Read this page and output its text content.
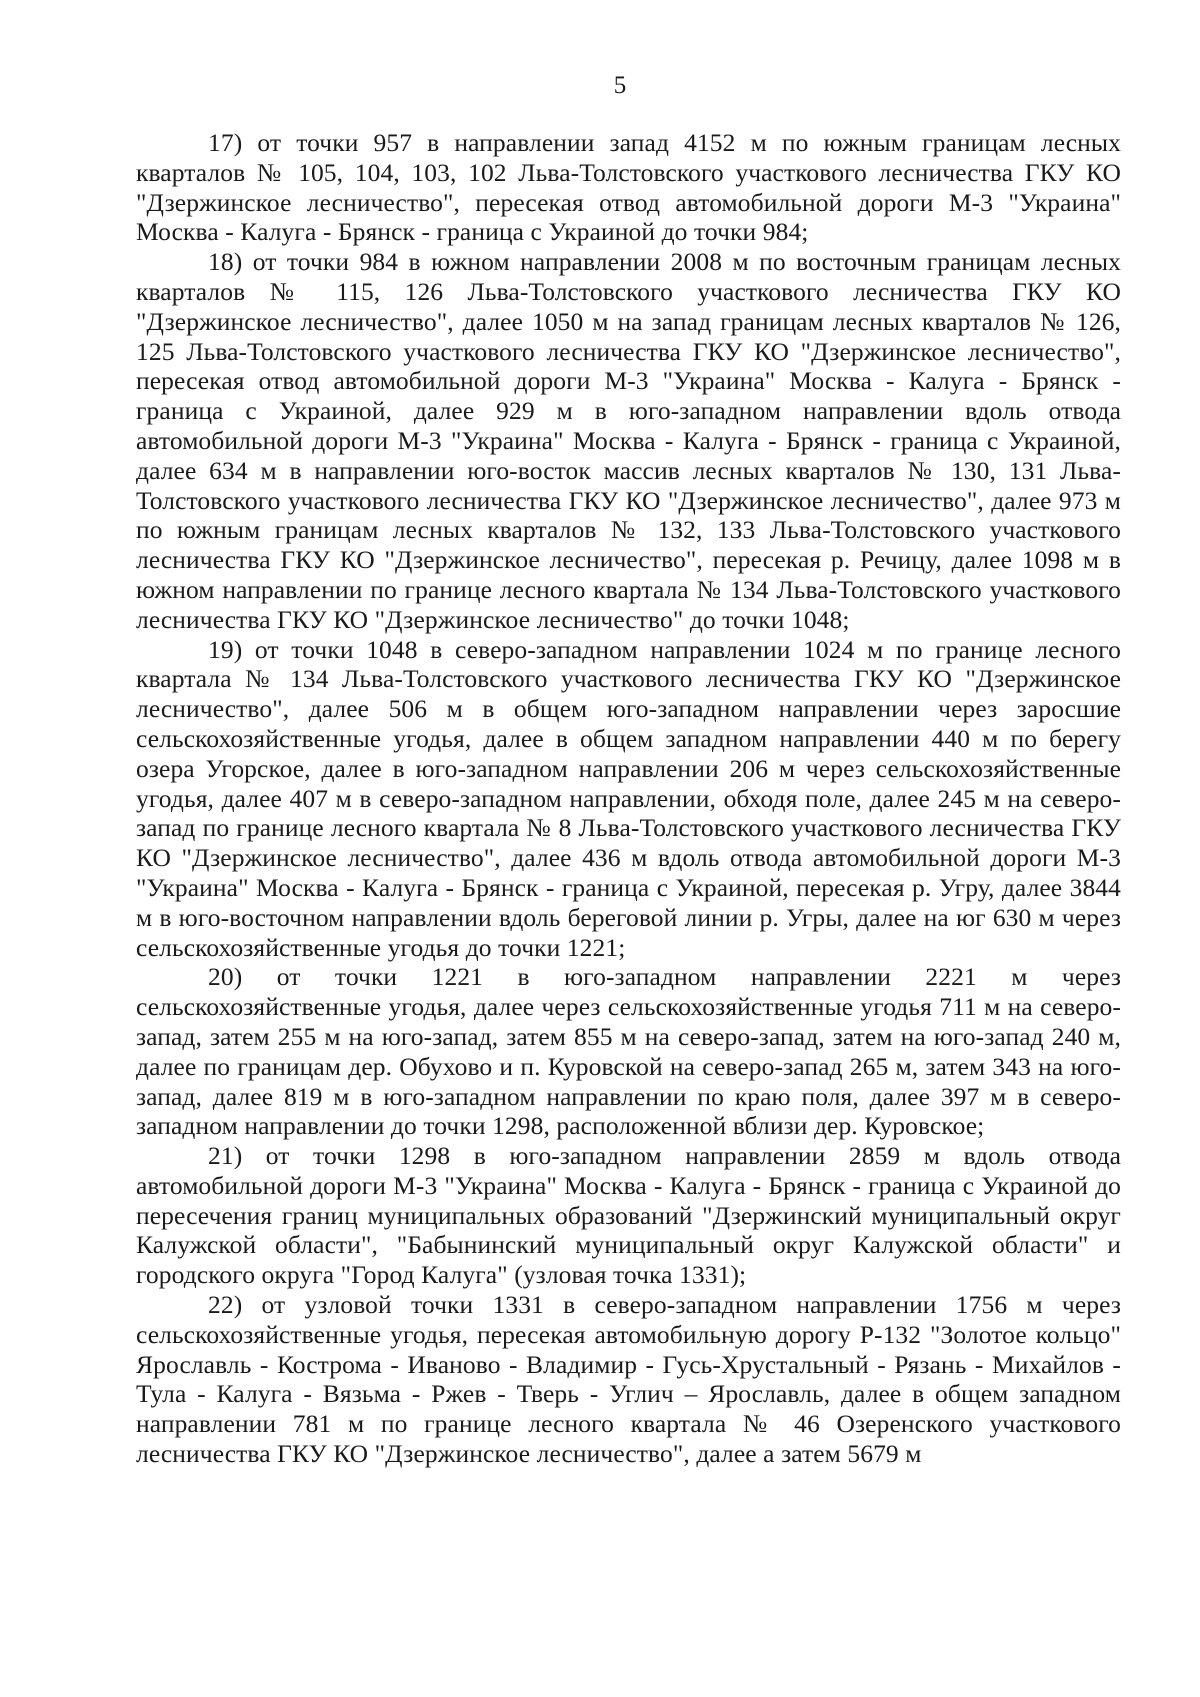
5

17) от точки 957 в направлении запад 4152 м по южным границам лесных кварталов № 105, 104, 103, 102 Льва-Толстовского участкового лесничества ГКУ КО "Дзержинское лесничество", пересекая отвод автомобильной дороги М-3 "Украина" Москва - Калуга - Брянск - граница с Украиной до точки 984;

18) от точки 984 в южном направлении 2008 м по восточным границам лесных кварталов № 115, 126 Льва-Толстовского участкового лесничества ГКУ КО "Дзержинское лесничество", далее 1050 м на запад границам лесных кварталов № 126, 125 Льва-Толстовского участкового лесничества ГКУ КО "Дзержинское лесничество", пересекая отвод автомобильной дороги М-3 "Украина" Москва - Калуга - Брянск - граница с Украиной, далее 929 м в юго-западном направлении вдоль отвода автомобильной дороги М-3 "Украина" Москва - Калуга - Брянск - граница с Украиной, далее 634 м в направлении юго-восток массив лесных кварталов № 130, 131 Льва-Толстовского участкового лесничества ГКУ КО "Дзержинское лесничество", далее 973 м по южным границам лесных кварталов № 132, 133 Льва-Толстовского участкового лесничества ГКУ КО "Дзержинское лесничество", пересекая р. Речицу, далее 1098 м в южном направлении по границе лесного квартала № 134 Льва-Толстовского участкового лесничества ГКУ КО "Дзержинское лесничество" до точки 1048;

19) от точки 1048 в северо-западном направлении 1024 м по границе лесного квартала № 134 Льва-Толстовского участкового лесничества ГКУ КО "Дзержинское лесничество", далее 506 м в общем юго-западном направлении через заросшие сельскохозяйственные угодья, далее в общем западном направлении 440 м по берегу озера Угорское, далее в юго-западном направлении 206 м через сельскохозяйственные угодья, далее 407 м в северо-западном направлении, обходя поле, далее 245 м на северо-запад по границе лесного квартала № 8 Льва-Толстовского участкового лесничества ГКУ КО "Дзержинское лесничество", далее 436 м вдоль отвода автомобильной дороги М-3 "Украина" Москва - Калуга - Брянск - граница с Украиной, пересекая р. Угру, далее 3844 м в юго-восточном направлении вдоль береговой линии р. Угры, далее на юг 630 м через сельскохозяйственные угодья до точки 1221;

20) от точки 1221 в юго-западном направлении 2221 м через сельскохозяйственные угодья, далее через сельскохозяйственные угодья 711 м на северо-запад, затем 255 м на юго-запад, затем 855 м на северо-запад, затем на юго-запад 240 м, далее по границам дер. Обухово и п. Куровской на северо-запад 265 м, затем 343 на юго-запад, далее 819 м в юго-западном направлении по краю поля, далее 397 м в северо-западном направлении до точки 1298, расположенной вблизи дер. Куровское;

21) от точки 1298 в юго-западном направлении 2859 м вдоль отвода автомобильной дороги М-3 "Украина" Москва - Калуга - Брянск - граница с Украиной до пересечения границ муниципальных образований "Дзержинский муниципальный округ Калужской области", "Бабынинский муниципальный округ Калужской области" и городского округа "Город Калуга" (узловая точка 1331);

22) от узловой точки 1331 в северо-западном направлении 1756 м через сельскохозяйственные угодья, пересекая автомобильную дорогу Р-132 "Золотое кольцо" Ярославль - Кострома - Иваново - Владимир - Гусь-Хрустальный - Рязань - Михайлов - Тула - Калуга - Вязьма - Ржев - Тверь - Углич – Ярославль, далее в общем западном направлении 781 м по границе лесного квартала № 46 Озеренского участкового лесничества ГКУ КО "Дзержинское лесничество", далее а затем 5679 м
